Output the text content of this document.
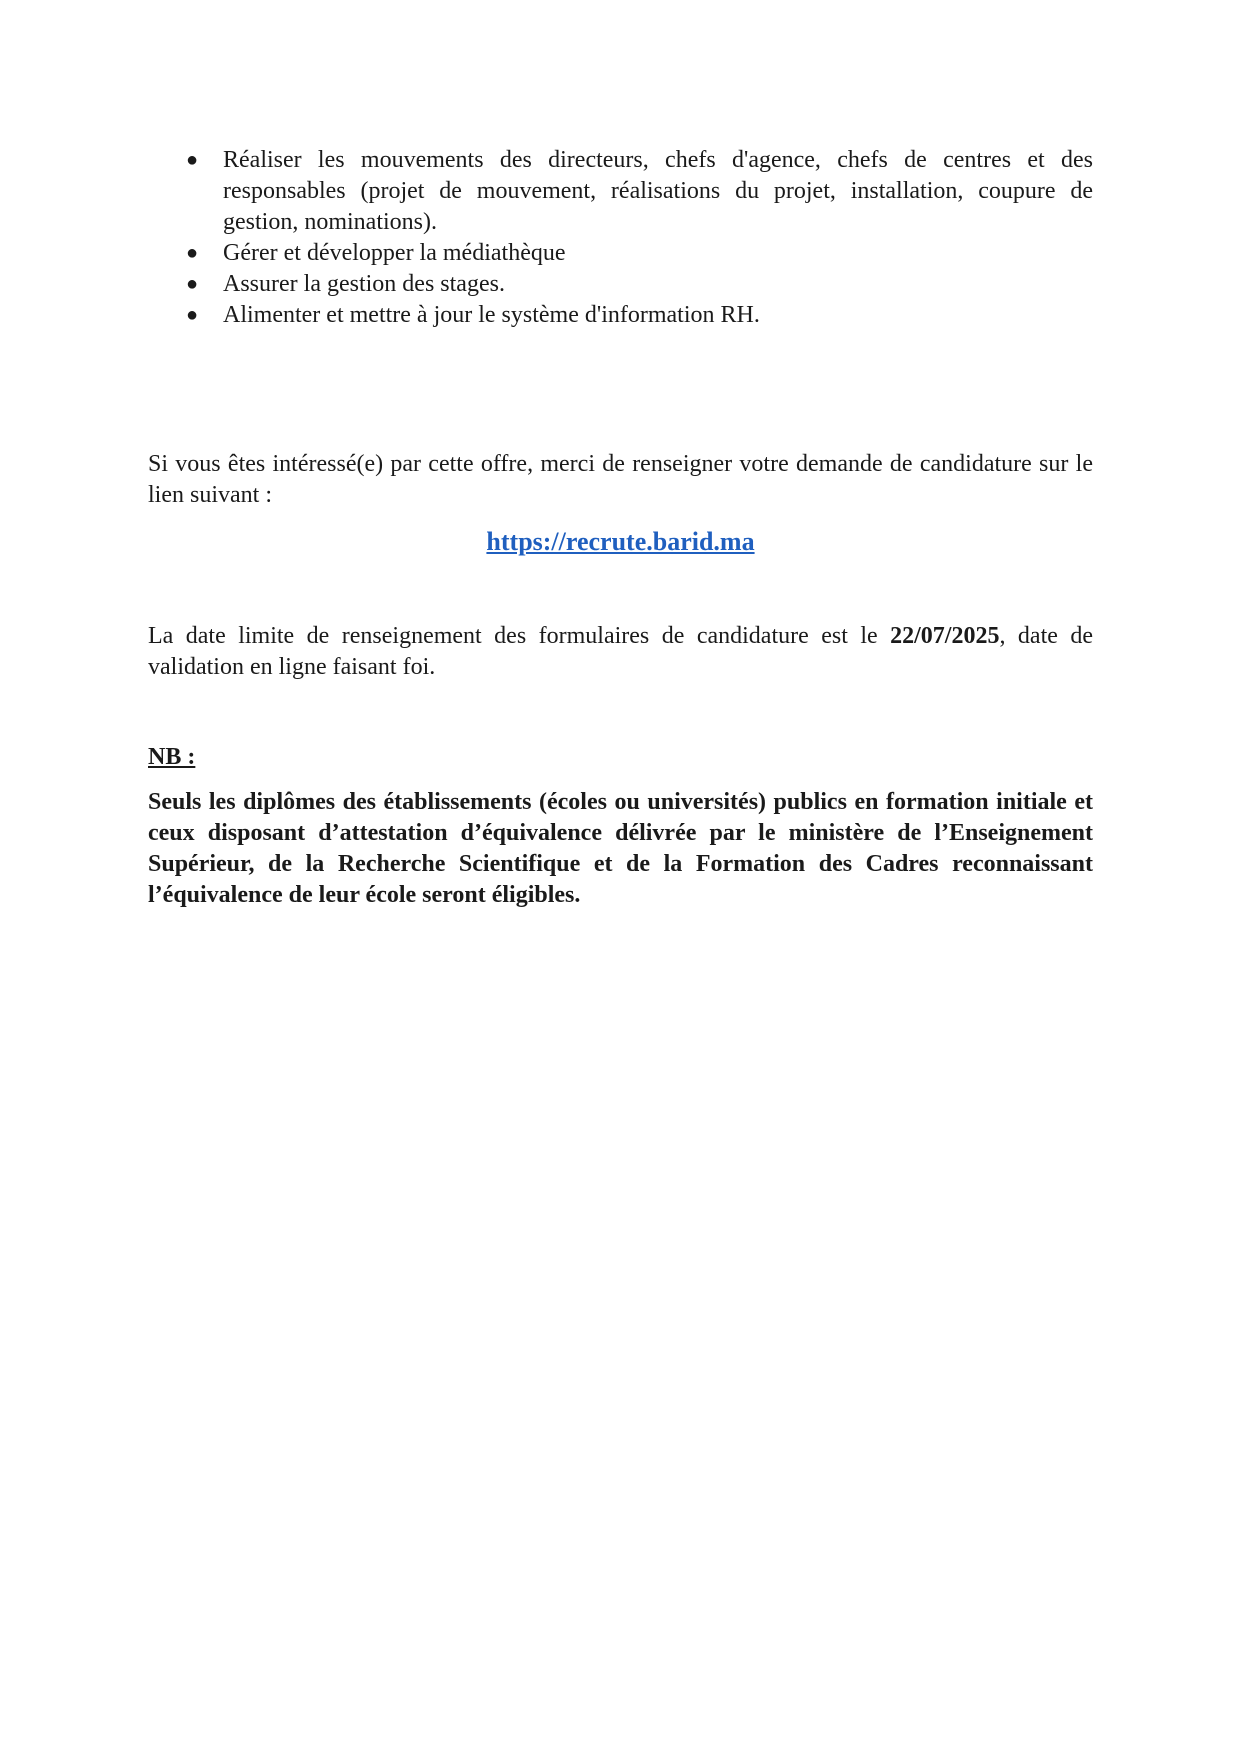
● Réaliser les mouvements des directeurs, chefs d'agence, chefs de centres et des responsables (projet de mouvement, réalisations du projet, installation, coupure de gestion, nominations).
● Gérer et développer la médiathèque
● Assurer la gestion des stages.
● Alimenter et mettre à jour le système d'information RH.

Si vous êtes intéressé(e) par cette offre, merci de renseigner votre demande de candidature sur le lien suivant :

https://recrute.barid.ma

La date limite de renseignement des formulaires de candidature est le 22/07/2025, date de validation en ligne faisant foi.

NB :

Seuls les diplômes des établissements (écoles ou universités) publics en formation initiale et ceux disposant d’attestation d’équivalence délivrée par le ministère de l’Enseignement Supérieur, de la Recherche Scientifique et de la Formation des Cadres reconnaissant l’équivalence de leur école seront éligibles.
